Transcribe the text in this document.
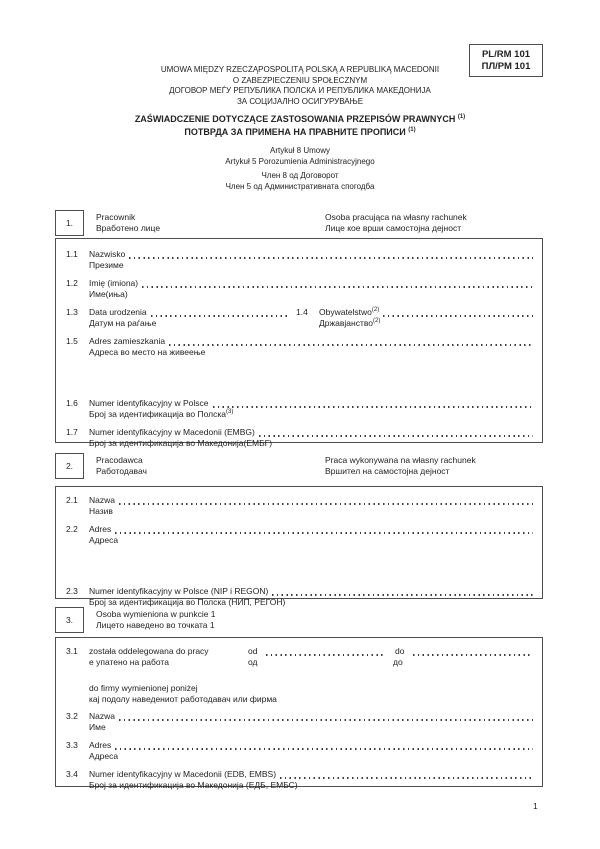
PL/RM 101
ПЛ/РМ 101
UMOWA MIĘDZY RZECZĄPOSPOLITĄ POLSKĄ A REPUBLIKĄ MACEDONII
O ZABEZPIECZENIU SPOŁECZNYM
ДОГОВОР МЕЃУ РЕПУБЛИКА ПОЛСКА И РЕПУБЛИКА МАКЕДОНИЈА
ЗА СОЦИЈАЛНО ОСИГУРУВАЊЕ
ZAŚWIADCZENIE DOTYCZĄCE ZASTOSOWANIA PRZEPISÓW PRAWNYCH $^{(1)}$
ПОТВРДА ЗА ПРИМЕНА НА ПРАВНИТЕ ПРОПИСИ $^{(1)}$
Artykuł 8 Umowy
Artykuł 5 Porozumienia Administracyjnego
Член 8 од Договорот
Член 5 од Административната спогодба
1.
Pracownik
Вработено лице
Osoba pracująca na własny rachunek
Лице кое врши самостојна дејност
1.1	Nazwisko
Презиме
1.2	Imię (imiona)
Име(иња)
1.3	Data urodzenia	1.4	Obywatelstwo$^{(2)}$
Датум на раѓање	Државјанство$^{(2)}$
1.5	Adres zamieszkania
Адреса во место на живеење
1.6	Numer identyfikacyjny w Polsce
Број за идентификација во Полска$^{(3)}$
1.7	Numer identyfikacyjny w Macedonii (EMBG)
Број за идентификација во Македонија(ЕМБГ)
2.
Pracodawca
Работодавач
Praca wykonywana na własny rachunek
Вршител на самостојна дејност
2.1	Nazwa
Назив
2.2	Adres
Адреса
2.3	Numer identyfikacyjny w Polsce (NIP i REGON)
Број за идентификација во Полска (НИП, РЕГОН)
3.
Osoba wymieniona w punkcie 1
Лицето наведено во точката 1
3.1	została oddelegowana do pracy	od	do
е упатено на работа	од	до
do firmy wymienionej poniżej
кај подолу наведениот работодавач или фирма
3.2	Nazwa
Име
3.3	Adres
Адреса
3.4	Numer identyfikacyjny w Macedonii (EDB, EMBS)
Број за идентификација во Македонија (ЕДБ, ЕМБС)
1
